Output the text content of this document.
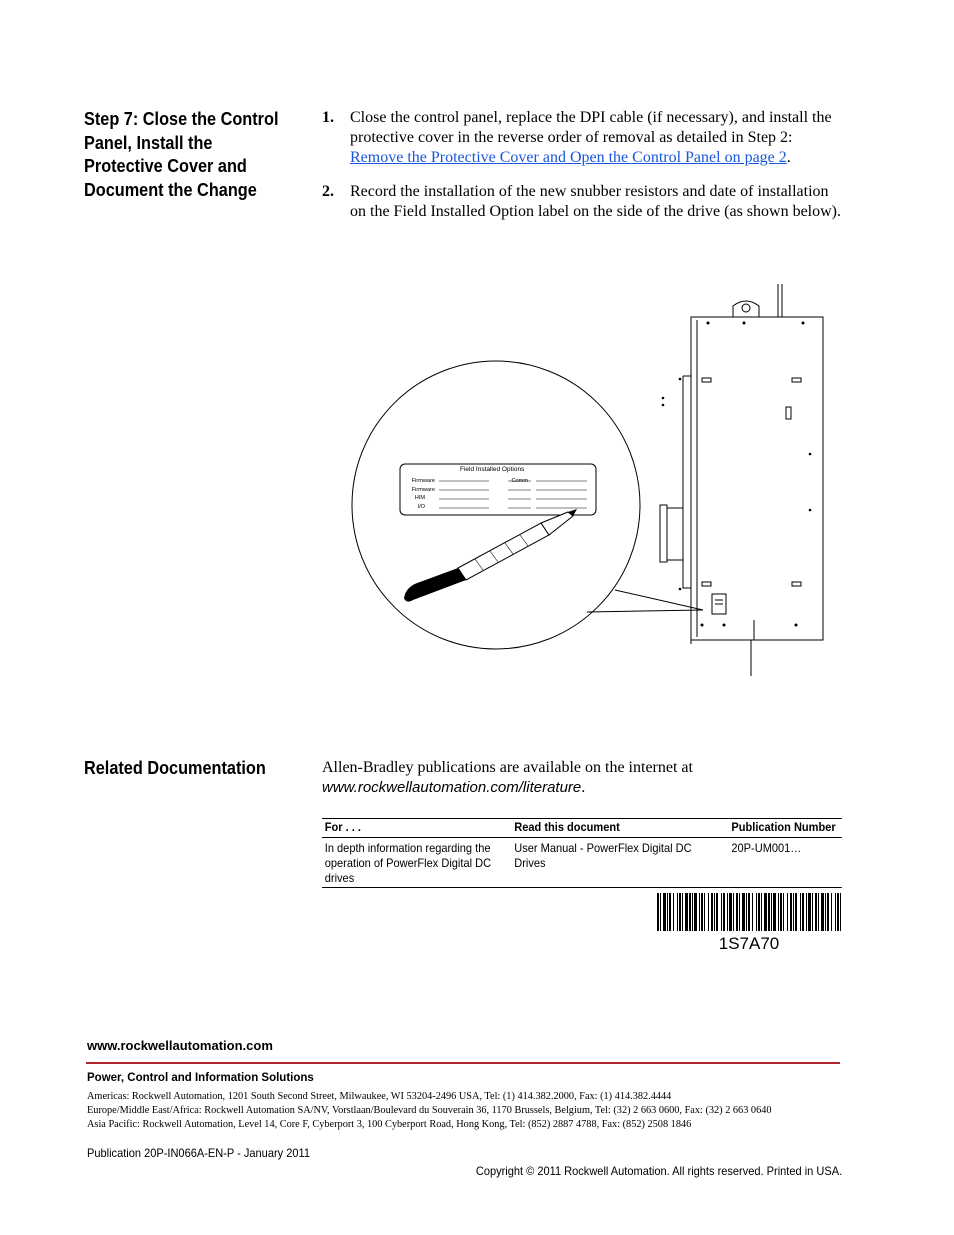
Step 7: Close the Control Panel, Install the Protective Cover and Document the Change
1. Close the control panel, replace the DPI cable (if necessary), and install the protective cover in the reverse order of removal as detailed in Step 2: Remove the Protective Cover and Open the Control Panel on page 2.
2. Record the installation of the new snubber resistors and date of installation on the Field Installed Option label on the side of the drive (as shown below).
Field Installed Options
Firmware
Firmware
HIM
I/O
Comm
Related Documentation	Allen-Bradley publications are available on the internet at
www.rockwellautomation.com/literature.
For . . .	Read this document	Publication Number
In depth information regarding the operation of PowerFlex Digital DC drives	User Manual - PowerFlex Digital DC Drives	20P-UM001…
1S7A70
www.rockwellautomation.com
Power, Control and Information Solutions
Americas: Rockwell Automation, 1201 South Second Street, Milwaukee, WI 53204-2496 USA, Tel: (1) 414.382.2000, Fax: (1) 414.382.4444
Europe/Middle East/Africa: Rockwell Automation SA/NV, Vorstlaan/Boulevard du Souverain 36, 1170 Brussels, Belgium, Tel: (32) 2 663 0600, Fax: (32) 2 663 0640
Asia Pacific: Rockwell Automation, Level 14, Core F, Cyberport 3, 100 Cyberport Road, Hong Kong, Tel: (852) 2887 4788, Fax: (852) 2508 1846
Publication 20P-IN066A-EN-P - January 2011
Copyright © 2011 Rockwell Automation. All rights reserved. Printed in USA.
